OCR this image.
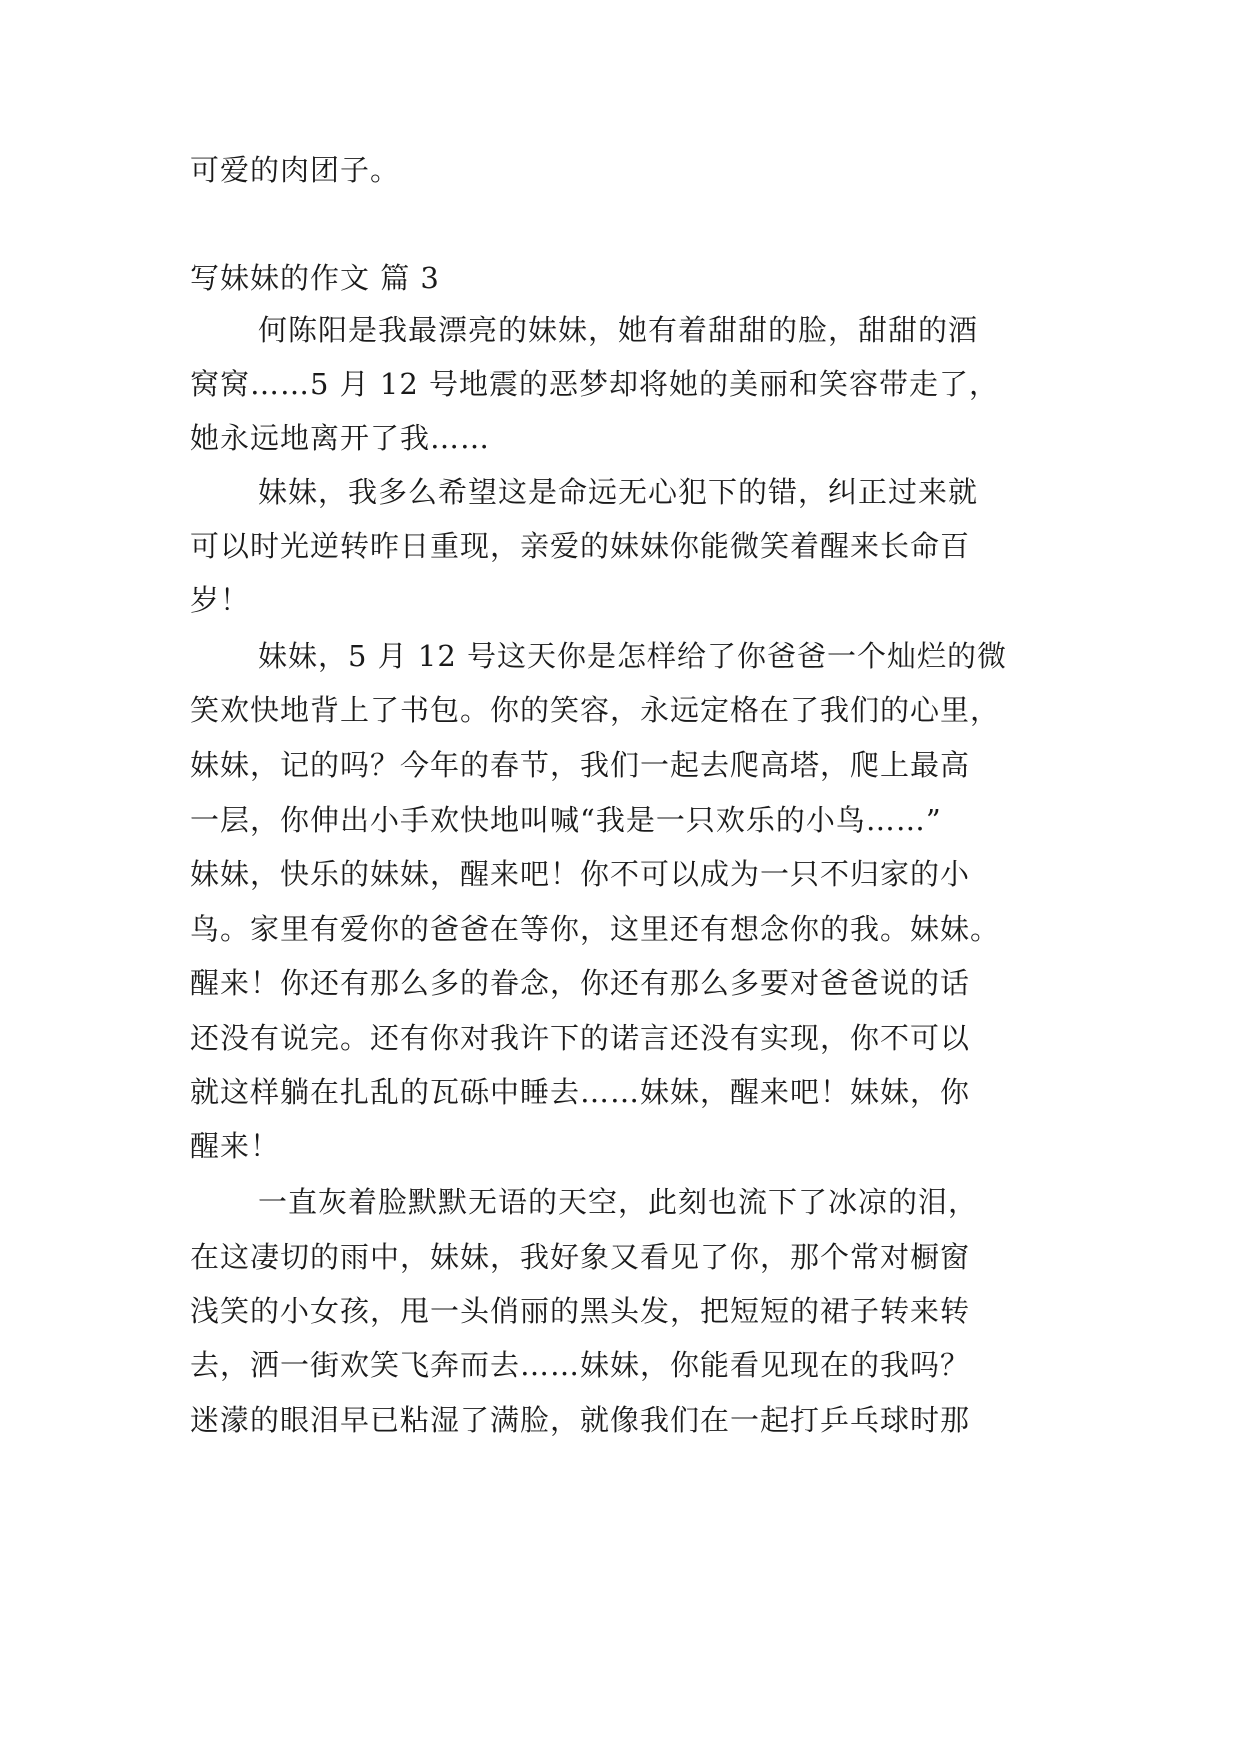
可爱的肉团子。
写妹妹的作文 篇 3
何陈阳是我最漂亮的妹妹，她有着甜甜的脸，甜甜的酒
窝窝……5 月 12 号地震的恶梦却将她的美丽和笑容带走了，
她永远地离开了我……
妹妹，我多么希望这是命远无心犯下的错，纠正过来就
可以时光逆转昨日重现，亲爱的妹妹你能微笑着醒来长命百
岁！
妹妹，5 月 12 号这天你是怎样给了你爸爸一个灿烂的微
笑欢快地背上了书包。你的笑容，永远定格在了我们的心里，
妹妹，记的吗？今年的春节，我们一起去爬高塔，爬上最高
一层，你伸出小手欢快地叫喊“我是一只欢乐的小鸟……”
妹妹，快乐的妹妹，醒来吧！你不可以成为一只不归家的小
鸟。家里有爱你的爸爸在等你，这里还有想念你的我。妹妹。
醒来！你还有那么多的眷念，你还有那么多要对爸爸说的话
还没有说完。还有你对我许下的诺言还没有实现，你不可以
就这样躺在扎乱的瓦砾中睡去……妹妹，醒来吧！妹妹，你
醒来！
一直灰着脸默默无语的天空，此刻也流下了冰凉的泪，
在这凄切的雨中，妹妹，我好象又看见了你，那个常对橱窗
浅笑的小女孩，甩一头俏丽的黑头发，把短短的裙子转来转
去，洒一街欢笑飞奔而去……妹妹，你能看见现在的我吗？
迷濛的眼泪早已粘湿了满脸，就像我们在一起打乒乓球时那
